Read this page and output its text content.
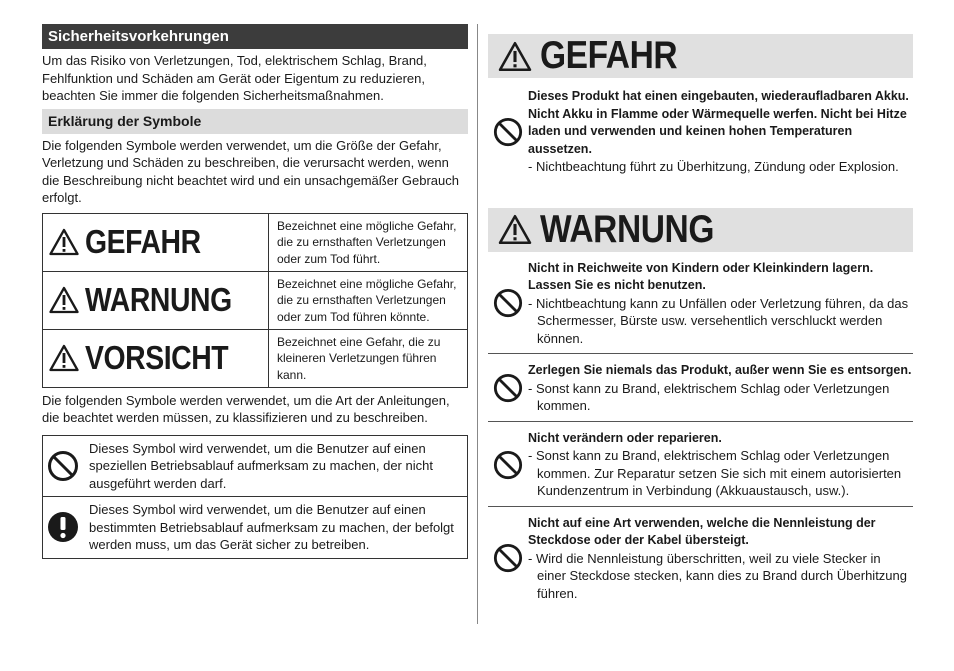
Sicherheitsvorkehrungen

Um das Risiko von Verletzungen, Tod, elektrischem Schlag, Brand, Fehlfunktion und Schäden am Gerät oder Eigentum zu reduzieren, beachten Sie immer die folgenden Sicherheitsmaßnahmen.

Erklärung der Symbole

Die folgenden Symbole werden verwendet, um die Größe der Gefahr, Verletzung und Schäden zu beschreiben, die verursacht werden, wenn die Beschreibung nicht beachtet wird und ein unsachgemäßer Gebrauch erfolgt.

GEFAHR	Bezeichnet eine mögliche Gefahr, die zu ernsthaften Verletzungen oder zum Tod führt.
WARNUNG	Bezeichnet eine mögliche Gefahr, die zu ernsthaften Verletzungen oder zum Tod führen könnte.
VORSICHT	Bezeichnet eine Gefahr, die zu kleineren Verletzungen führen kann.

Die folgenden Symbole werden verwendet, um die Art der Anleitungen, die beachtet werden müssen, zu klassifizieren und zu beschreiben.

Dieses Symbol wird verwendet, um die Benutzer auf einen speziellen Betriebsablauf aufmerksam zu machen, der nicht ausgeführt werden darf.
Dieses Symbol wird verwendet, um die Benutzer auf einen bestimmten Betriebsablauf aufmerksam zu machen, der befolgt werden muss, um das Gerät sicher zu betreiben.
GEFAHR
Dieses Produkt hat einen eingebauten, wiederaufladbaren Akku. Nicht Akku in Flamme oder Wärmequelle werfen. Nicht bei Hitze laden und verwenden und keinen hohen Temperaturen aussetzen.
- Nichtbeachtung führt zu Überhitzung, Zündung oder Explosion.
WARNUNG
Nicht in Reichweite von Kindern oder Kleinkindern lagern. Lassen Sie es nicht benutzen.
- Nichtbeachtung kann zu Unfällen oder Verletzung führen, da das Schermesser, Bürste usw. versehentlich verschluckt werden können.
Zerlegen Sie niemals das Produkt, außer wenn Sie es entsorgen.
- Sonst kann zu Brand, elektrischem Schlag oder Verletzungen kommen.
Nicht verändern oder reparieren.
- Sonst kann zu Brand, elektrischem Schlag oder Verletzungen kommen. Zur Reparatur setzen Sie sich mit einem autorisierten Kundenzentrum in Verbindung (Akkuaustausch, usw.).
Nicht auf eine Art verwenden, welche die Nennleistung der Steckdose oder der Kabel übersteigt.
- Wird die Nennleistung überschritten, weil zu viele Stecker in einer Steckdose stecken, kann dies zu Brand durch Überhitzung führen.
